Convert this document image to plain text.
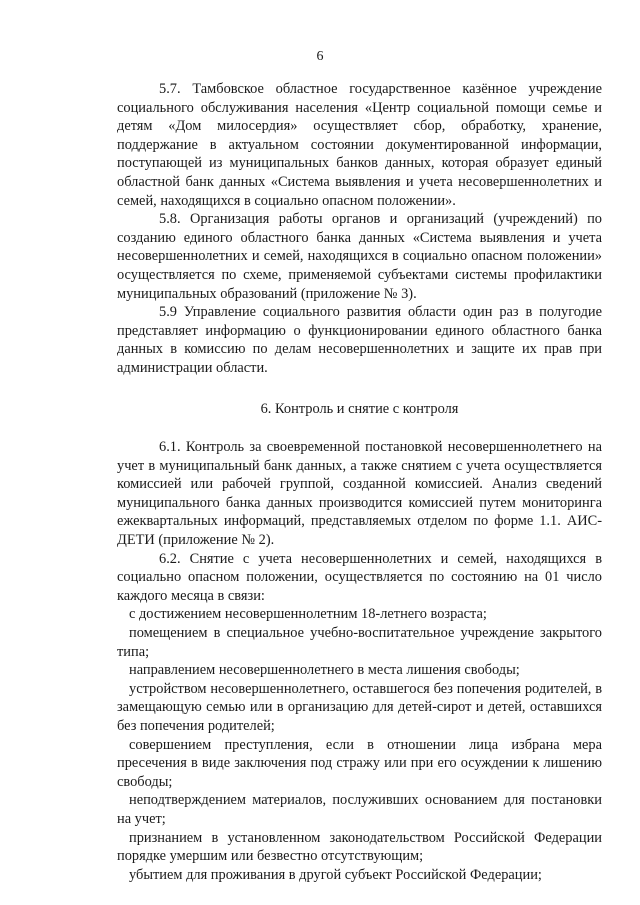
6

5.7. Тамбовское областное государственное казённое учреждение социального обслуживания населения «Центр социальной помощи семье и детям «Дом милосердия» осуществляет сбор, обработку, хранение, поддержание в актуальном состоянии документированной информации, поступающей из муниципальных банков данных, которая образует единый областной банк данных «Система выявления и учета несовершеннолетних и семей, находящихся в социально опасном положении».

5.8. Организация работы органов и организаций (учреждений) по созданию единого областного банка данных «Система выявления и учета несовершеннолетних и семей, находящихся в социально опасном положении» осуществляется по схеме, применяемой субъектами системы профилактики муниципальных образований (приложение № 3).

5.9 Управление социального развития области один раз в полугодие представляет информацию о функционировании единого областного банка данных в комиссию по делам несовершеннолетних и защите их прав при администрации области.

6. Контроль и снятие с контроля

6.1. Контроль за своевременной постановкой несовершеннолетнего на учет в муниципальный банк данных, а также снятием с учета осуществляется комиссией или рабочей группой, созданной комиссией. Анализ сведений муниципального банка данных производится комиссией путем мониторинга ежеквартальных информаций, представляемых отделом по форме 1.1. АИС-ДЕТИ (приложение № 2).

6.2. Снятие с учета несовершеннолетних и семей, находящихся в социально опасном положении, осуществляется по состоянию на 01 число каждого месяца в связи:

с достижением несовершеннолетним 18-летнего возраста;

помещением в специальное учебно-воспитательное учреждение закрытого типа;

направлением несовершеннолетнего в места лишения свободы;

устройством несовершеннолетнего, оставшегося без попечения родителей, в замещающую семью или в организацию для детей-сирот и детей, оставшихся без попечения родителей;

совершением преступления, если в отношении лица избрана мера пресечения в виде заключения под стражу или при его осуждении к лишению свободы;

неподтверждением материалов, послуживших основанием для постановки на учет;

признанием в установленном законодательством Российской Федерации порядке умершим или безвестно отсутствующим;

убытием для проживания в другой субъект Российской Федерации;
